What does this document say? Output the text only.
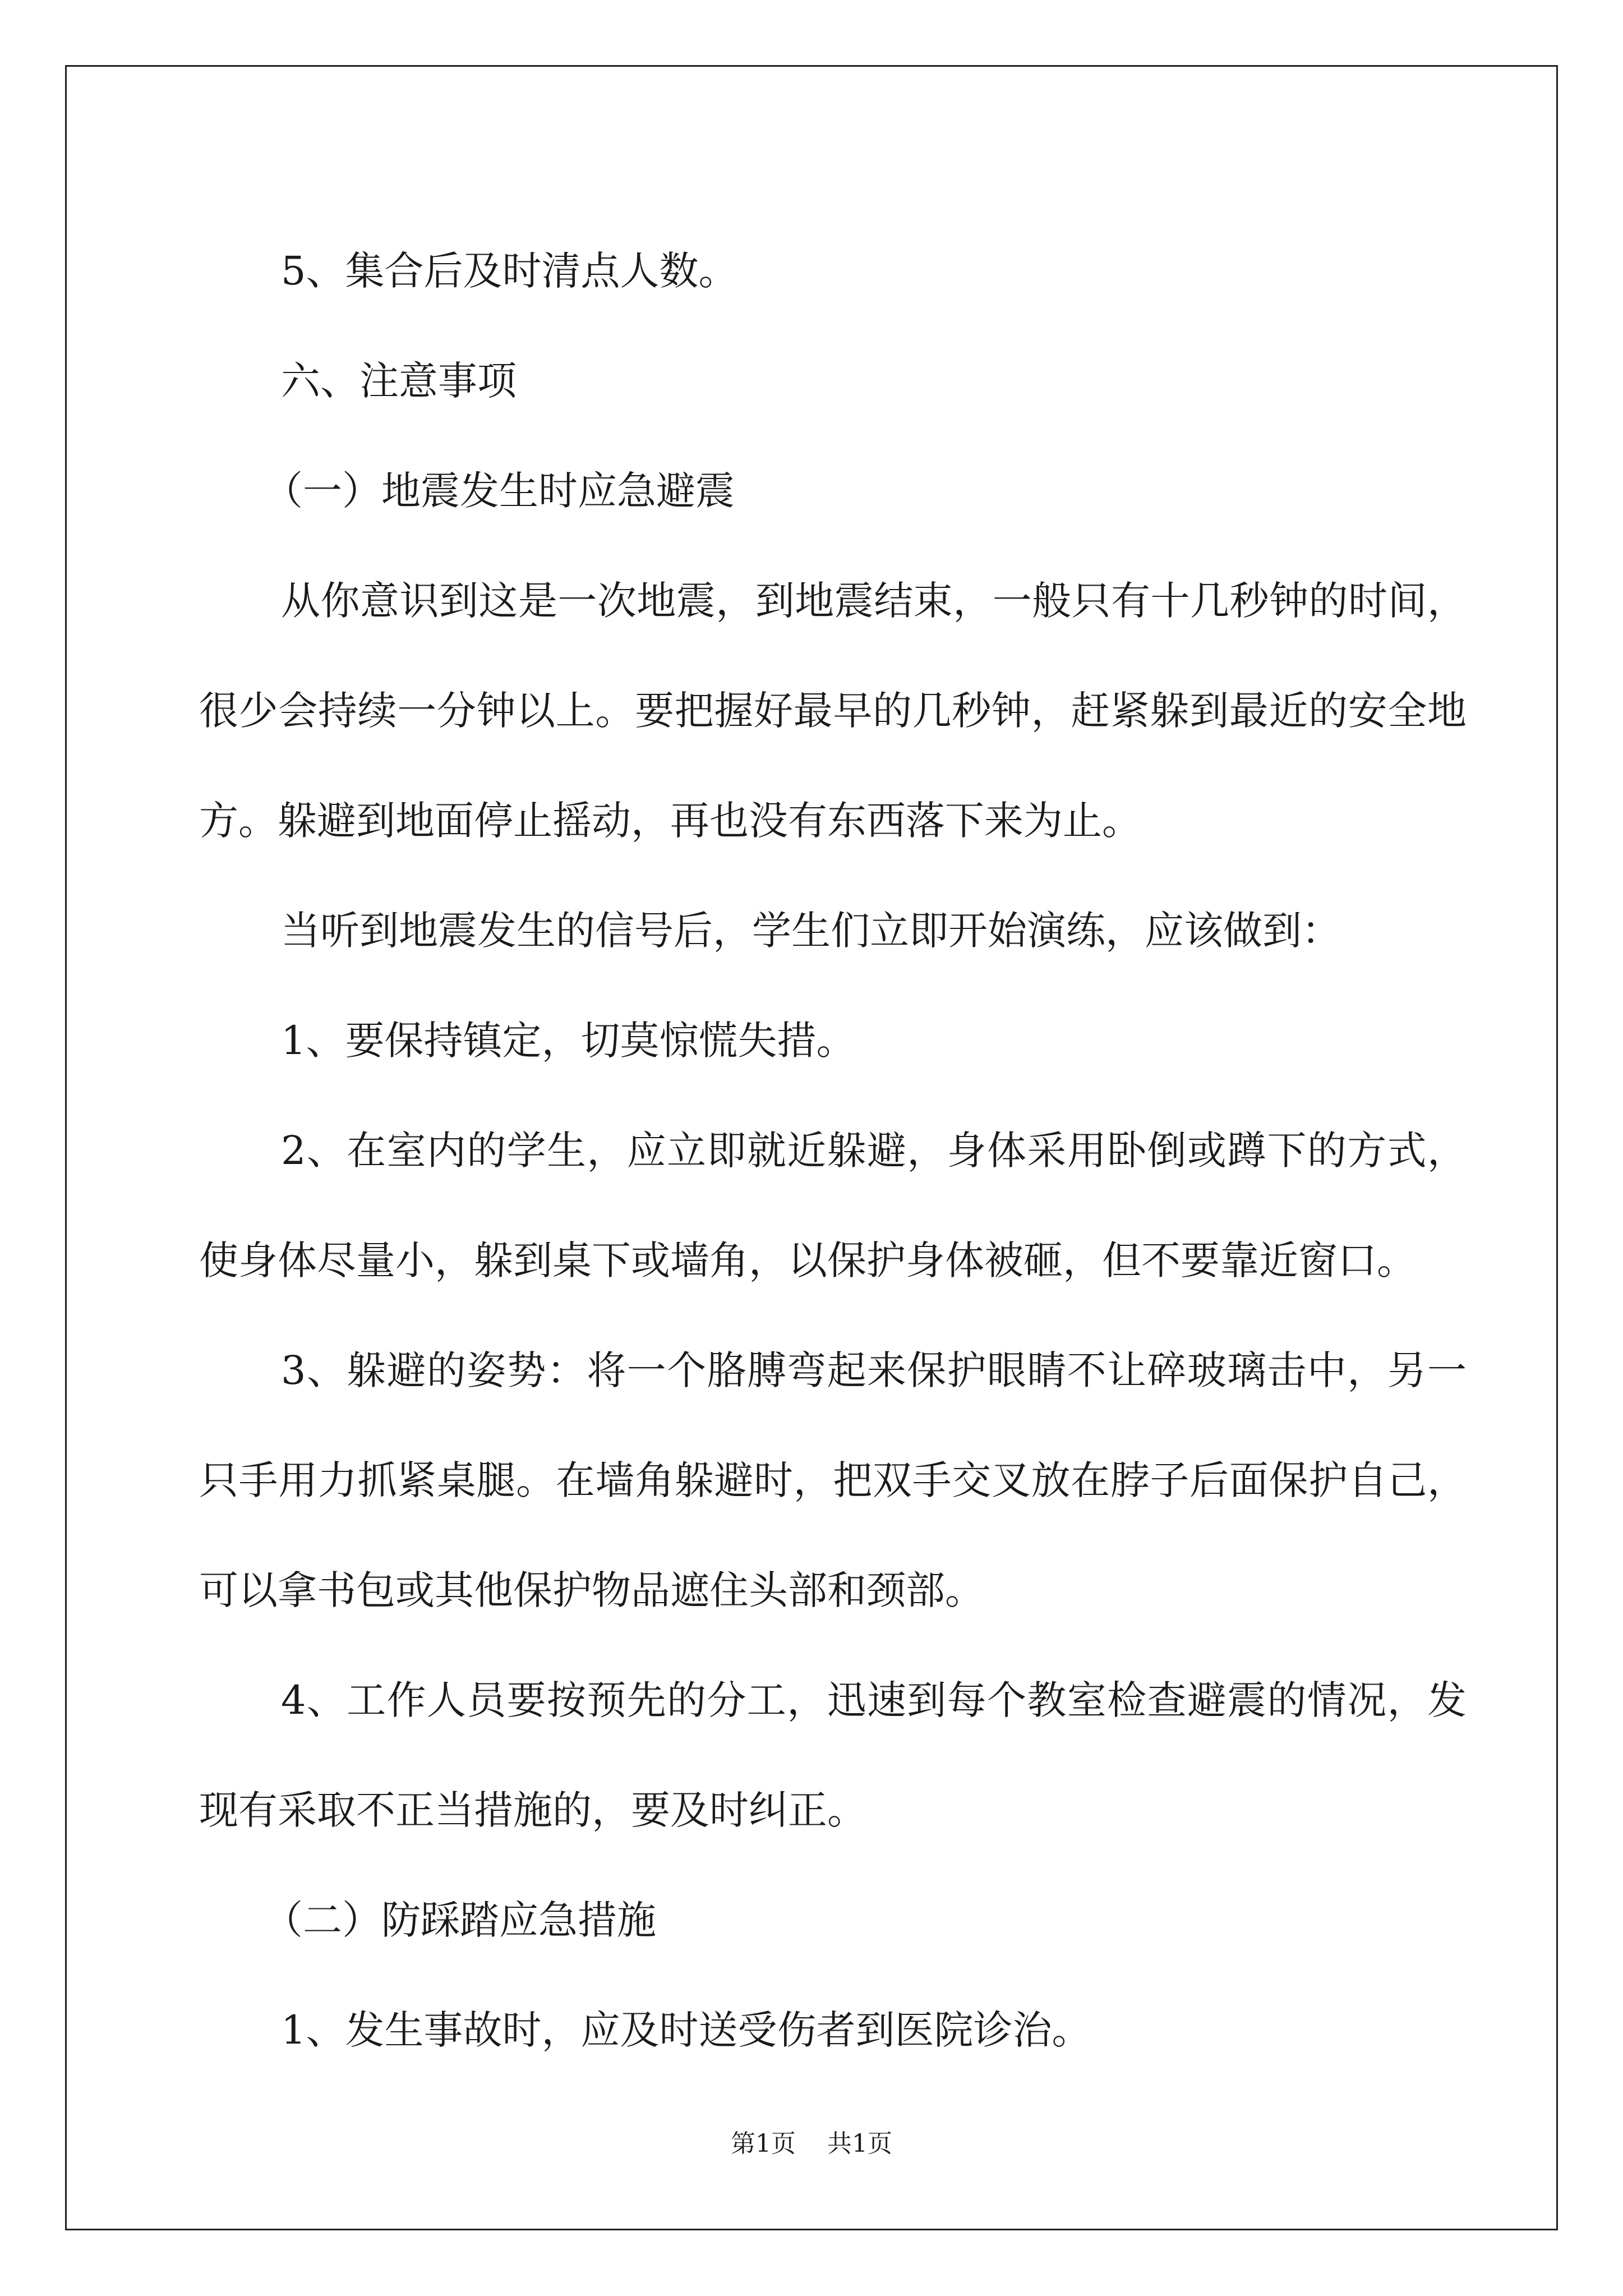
5、集合后及时清点人数。

六、注意事项

（一）地震发生时应急避震

从你意识到这是一次地震，到地震结束，一般只有十几秒钟的时间，很少会持续一分钟以上。要把握好最早的几秒钟，赶紧躲到最近的安全地方。躲避到地面停止摇动，再也没有东西落下来为止。

当听到地震发生的信号后，学生们立即开始演练，应该做到：

1、要保持镇定，切莫惊慌失措。

2、在室内的学生，应立即就近躲避，身体采用卧倒或蹲下的方式，使身体尽量小，躲到桌下或墙角，以保护身体被砸，但不要靠近窗口。

3、躲避的姿势：将一个胳膊弯起来保护眼睛不让碎玻璃击中，另一只手用力抓紧桌腿。在墙角躲避时，把双手交叉放在脖子后面保护自己，可以拿书包或其他保护物品遮住头部和颈部。

4、工作人员要按预先的分工，迅速到每个教室检查避震的情况，发现有采取不正当措施的，要及时纠正。

（二）防踩踏应急措施

1、发生事故时，应及时送受伤者到医院诊治。

第1页 共1页
